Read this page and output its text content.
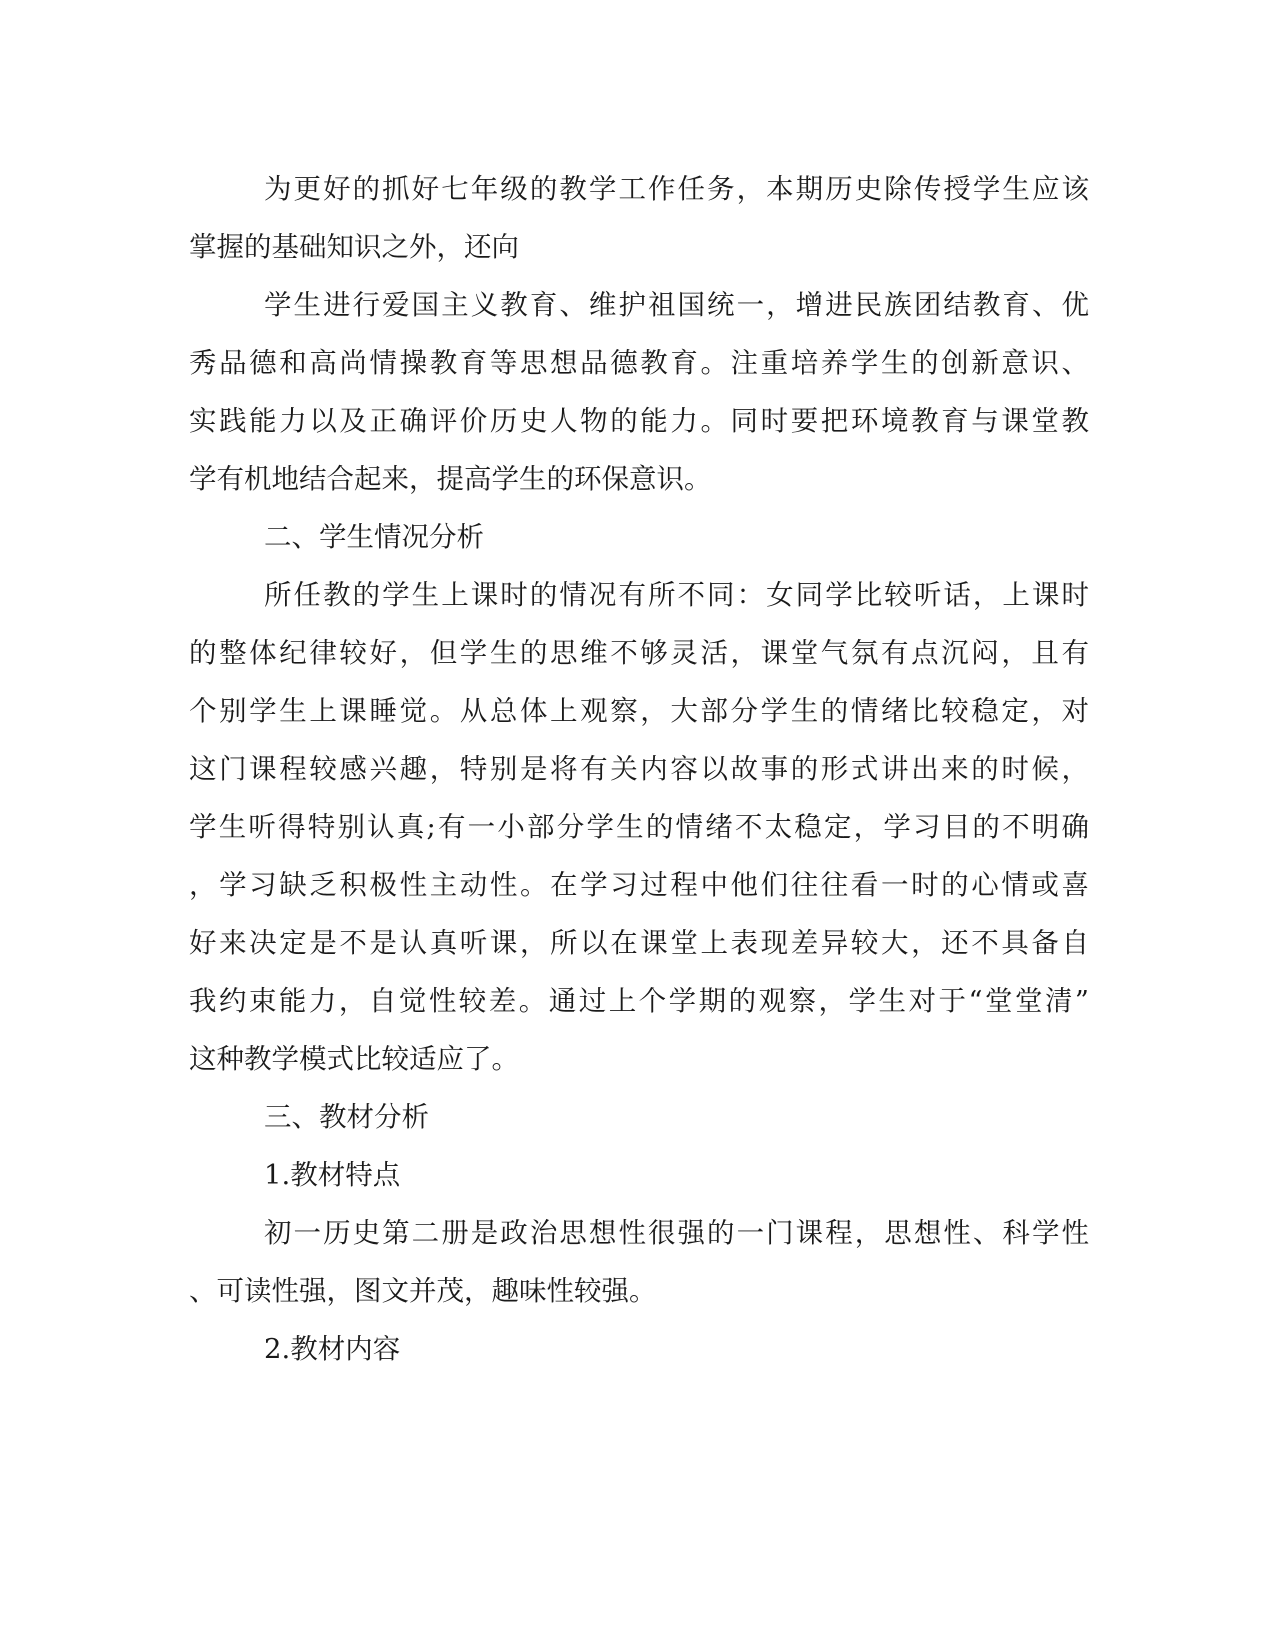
为更好的抓好七年级的教学工作任务，本期历史除传授学生应该
掌握的基础知识之外，还向
学生进行爱国主义教育、维护祖国统一，增进民族团结教育、优
秀品德和高尚情操教育等思想品德教育。注重培养学生的创新意识、
实践能力以及正确评价历史人物的能力。同时要把环境教育与课堂教
学有机地结合起来，提高学生的环保意识。
二、学生情况分析
所任教的学生上课时的情况有所不同：女同学比较听话，上课时
的整体纪律较好，但学生的思维不够灵活，课堂气氛有点沉闷，且有
个别学生上课睡觉。从总体上观察，大部分学生的情绪比较稳定，对
这门课程较感兴趣，特别是将有关内容以故事的形式讲出来的时候，
学生听得特别认真;有一小部分学生的情绪不太稳定，学习目的不明确
，学习缺乏积极性主动性。在学习过程中他们往往看一时的心情或喜
好来决定是不是认真听课，所以在课堂上表现差异较大，还不具备自
我约束能力，自觉性较差。通过上个学期的观察，学生对于“堂堂清”
这种教学模式比较适应了。
三、教材分析
1.教材特点
初一历史第二册是政治思想性很强的一门课程，思想性、科学性
、可读性强，图文并茂，趣味性较强。
2.教材内容
